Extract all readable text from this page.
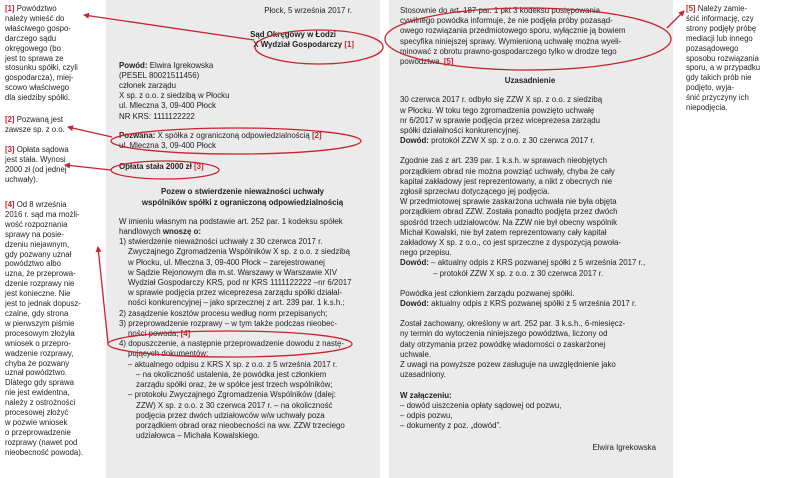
[1] Powództwo
należy wnieść do
właściwego gospo-
darczego sądu
okręgowego (bo
jest to sprawa ze
stosunku spółki, czyli
gospodarcza), miej-
scowo właściwego
dla siedziby spółki.
[2] Pozwaną jest
zawsze sp. z o.o.
[3] Opłata sądowa
jest stała. Wynosi
2000 zł (od jednej
uchwały).
[4] Od 8 września
2016 r. sąd ma możli-
wość rozpoznania
sprawy na posie-
dzeniu niejawnym,
gdy pozwany uznał
powództwo albo
uzna, że przeprowa-
dzenie rozprawy nie
jest konieczne. Nie
jest to jednak dopusz-
czalne, gdy strona
w pierwszym piśmie
procesowym złożyła
wniosek o przepro-
wadzenie rozprawy,
chyba że pozwany
uznał powództwo.
Dlatego gdy sprawa
nie jest ewidentna,
należy z ostrożności
procesowej złożyć
w pozwie wniosek
o przeprowadzenie
rozprawy (nawet pod
nieobecność powoda).
[5] Należy zamie-
ścić informację, czy
strony podjęły próbę
mediacji lub innego
pozasądowego
sposobu rozwiązania
sporu, a w przypadku
gdy takich prób nie
podjęto, wyja-
śnić przyczyny ich
niepodjęcia.
Płock, 5 września 2017 r.
Sąd Okręgowy w Łodzi
X Wydział Gospodarczy [1]
Powód: Elwira Igrekowska
(PESEL 80021511456)
członek zarządu
X sp. z o.o. z siedzibą w Płocku
ul. Mleczna 3, 09-400 Płock
NR KRS: 1111122222
Pozwana: X spółka z ograniczoną odpowiedzialnością [2]
ul. Mleczna 3, 09-400 Płock
Opłata stała 2000 zł [3]
Pozew o stwierdzenie nieważności uchwały
wspólników spółki z ograniczoną odpowiedzialnością
W imieniu własnym na podstawie art. 252 par. 1 kodeksu spółek
handlowych wnoszę o:
1) stwierdzenie nieważności uchwały z 30 czerwca 2017 r.
Zwyczajnego Zgromadzenia Wspólników X sp. z o.o. z siedzibą
w Płocku, ul. Mleczna 3, 09-400 Płock – zarejestrowanej
w Sądzie Rejonowym dla m.st. Warszawy w Warszawie XIV
Wydział Gospodarczy KRS, pod nr KRS 1111122222 –nr 6/2017
w sprawie podjęcia przez wiceprezesa zarządu spółki działal-
ności konkurencyjnej – jako sprzecznej z art. 239 par. 1 k.s.h.;
2) zasądzenie kosztów procesu według norm przepisanych;
3) przeprowadzenie rozprawy – w tym także podczas nieobec-
ności powoda; [4]
4) dopuszczenie, a następnie przeprowadzenie dowodu z nastę-
pujących dokumentów:
– aktualnego odpisu z KRS X sp. z o.o. z 5 września 2017 r.
– na okoliczność ustalenia, że powódka jest członkiem
zarządu spółki oraz, że w spółce jest trzech wspólników;
– protokołu Zwyczajnego Zgromadzenia Wspólników (dalej:
ZZW) X sp. z o.o. z 30 czerwca 2017 r. – na okoliczność
podjęcia przez dwóch udziałowców w/w uchwały poza
porządkiem obrad oraz nieobecności na ww. ZZW trzeciego
udziałowca – Michała Kowalskiego.
Stosownie do art. 187 par. 1 pkt 3 kodeksu postępowania
cywilnego powódka informuje, że nie podjęła próby pozasąd-
owego rozwiązania przedmiotowego sporu, wyłącznie ją bowiem
specyfika niniejszej sprawy. Wymienioną uchwałę można wyeli-
minować z obrotu prawno-gospodarczego tylko w drodze tego
powództwa. [5]
Uzasadnienie
30 czerwca 2017 r. odbyło się ZZW X sp. z o.o. z siedzibą
w Płocku. W toku tego zgromadzenia powzięto uchwałę
nr 6/2017 w sprawie podjęcia przez wiceprezesa zarządu
spółki działalności konkurencyjnej.
Dowód: protokół ZZW X sp. z o.o. z 30 czerwca 2017 r.
Zgodnie zaś z art. 239 par. 1 k.s.h. w sprawach nieobjętych
porządkiem obrad nie można powziąć uchwały, chyba że cały
kapitał zakładowy jest reprezentowany, a nikt z obecnych nie
zgłosił sprzeciwu dotyczącego jej podjęcia.
W przedmiotowej sprawie zaskarżona uchwała nie była objęta
porządkiem obrad ZZW. Została ponadto podjęta przez dwóch
spośród trzech udziałowców. Na ZZW nie był obecny wspólnik
Michał Kowalski, nie był zatem reprezentowany cały kapitał
zakładowy X sp. z o.o., co jest sprzeczne z dyspozycją powoła-
nego przepisu.
Dowód: – aktualny odpis z KRS pozwanej spółki z 5 września 2017 r.,
– protokół ZZW X sp. z o.o. z 30 czerwca 2017 r.
Powódka jest członkiem zarządu pozwanej spółki.
Dowód: aktualny odpis z KRS pozwanej spółki z 5 września 2017 r.
Został zachowany, określony w art. 252 par. 3 k.s.h., 6-miesięcz-
ny termin do wytoczenia niniejszego powództwa, liczony od
daty otrzymania przez powódkę wiadomości o zaskarżonej
uchwale.
Z uwagi na powyższe pozew zasługuje na uwzględnienie jako
uzasadniony.
W załączeniu:
– dowód uiszczenia opłaty sądowej od pozwu,
– odpis pozwu,
– dokumenty z poz. „dowód”.
Elwira Igrekowska
